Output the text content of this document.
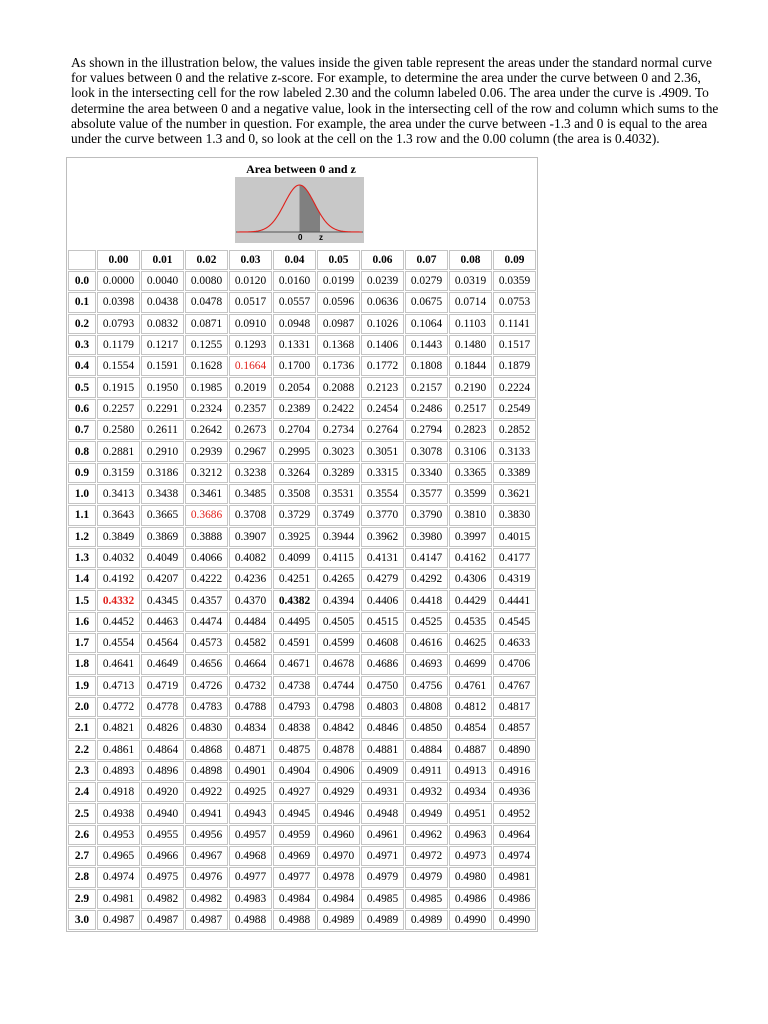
As shown in the illustration below, the values inside the given table represent the areas under the standard normal curve for values between 0 and the relative z-score. For example, to determine the area under the curve between 0 and 2.36, look in the intersecting cell for the row labeled 2.30 and the column labeled 0.06. The area under the curve is .4909. To determine the area between 0 and a negative value, look in the intersecting cell of the row and column which sums to the absolute value of the number in question. For example, the area under the curve between -1.3 and 0 is equal to the area under the curve between 1.3 and 0, so look at the cell on the 1.3 row and the 0.00 column (the area is 0.4032).

Area between 0 and z
0 z										

	0.00	0.01	0.02	0.03	0.04	0.05	0.06	0.07	0.08	0.09
0.0	0.0000	0.0040	0.0080	0.0120	0.0160	0.0199	0.0239	0.0279	0.0319	0.0359
0.1	0.0398	0.0438	0.0478	0.0517	0.0557	0.0596	0.0636	0.0675	0.0714	0.0753
0.2	0.0793	0.0832	0.0871	0.0910	0.0948	0.0987	0.1026	0.1064	0.1103	0.1141
0.3	0.1179	0.1217	0.1255	0.1293	0.1331	0.1368	0.1406	0.1443	0.1480	0.1517
0.4	0.1554	0.1591	0.1628	0.1664	0.1700	0.1736	0.1772	0.1808	0.1844	0.1879
0.5	0.1915	0.1950	0.1985	0.2019	0.2054	0.2088	0.2123	0.2157	0.2190	0.2224
0.6	0.2257	0.2291	0.2324	0.2357	0.2389	0.2422	0.2454	0.2486	0.2517	0.2549
0.7	0.2580	0.2611	0.2642	0.2673	0.2704	0.2734	0.2764	0.2794	0.2823	0.2852
0.8	0.2881	0.2910	0.2939	0.2967	0.2995	0.3023	0.3051	0.3078	0.3106	0.3133
0.9	0.3159	0.3186	0.3212	0.3238	0.3264	0.3289	0.3315	0.3340	0.3365	0.3389
1.0	0.3413	0.3438	0.3461	0.3485	0.3508	0.3531	0.3554	0.3577	0.3599	0.3621
1.1	0.3643	0.3665	0.3686	0.3708	0.3729	0.3749	0.3770	0.3790	0.3810	0.3830
1.2	0.3849	0.3869	0.3888	0.3907	0.3925	0.3944	0.3962	0.3980	0.3997	0.4015
1.3	0.4032	0.4049	0.4066	0.4082	0.4099	0.4115	0.4131	0.4147	0.4162	0.4177
1.4	0.4192	0.4207	0.4222	0.4236	0.4251	0.4265	0.4279	0.4292	0.4306	0.4319
1.5	0.4332	0.4345	0.4357	0.4370	0.4382	0.4394	0.4406	0.4418	0.4429	0.4441
1.6	0.4452	0.4463	0.4474	0.4484	0.4495	0.4505	0.4515	0.4525	0.4535	0.4545
1.7	0.4554	0.4564	0.4573	0.4582	0.4591	0.4599	0.4608	0.4616	0.4625	0.4633
1.8	0.4641	0.4649	0.4656	0.4664	0.4671	0.4678	0.4686	0.4693	0.4699	0.4706
1.9	0.4713	0.4719	0.4726	0.4732	0.4738	0.4744	0.4750	0.4756	0.4761	0.4767
2.0	0.4772	0.4778	0.4783	0.4788	0.4793	0.4798	0.4803	0.4808	0.4812	0.4817
2.1	0.4821	0.4826	0.4830	0.4834	0.4838	0.4842	0.4846	0.4850	0.4854	0.4857
2.2	0.4861	0.4864	0.4868	0.4871	0.4875	0.4878	0.4881	0.4884	0.4887	0.4890
2.3	0.4893	0.4896	0.4898	0.4901	0.4904	0.4906	0.4909	0.4911	0.4913	0.4916
2.4	0.4918	0.4920	0.4922	0.4925	0.4927	0.4929	0.4931	0.4932	0.4934	0.4936
2.5	0.4938	0.4940	0.4941	0.4943	0.4945	0.4946	0.4948	0.4949	0.4951	0.4952
2.6	0.4953	0.4955	0.4956	0.4957	0.4959	0.4960	0.4961	0.4962	0.4963	0.4964
2.7	0.4965	0.4966	0.4967	0.4968	0.4969	0.4970	0.4971	0.4972	0.4973	0.4974
2.8	0.4974	0.4975	0.4976	0.4977	0.4977	0.4978	0.4979	0.4979	0.4980	0.4981
2.9	0.4981	0.4982	0.4982	0.4983	0.4984	0.4984	0.4985	0.4985	0.4986	0.4986
3.0	0.4987	0.4987	0.4987	0.4988	0.4988	0.4989	0.4989	0.4989	0.4990	0.4990
